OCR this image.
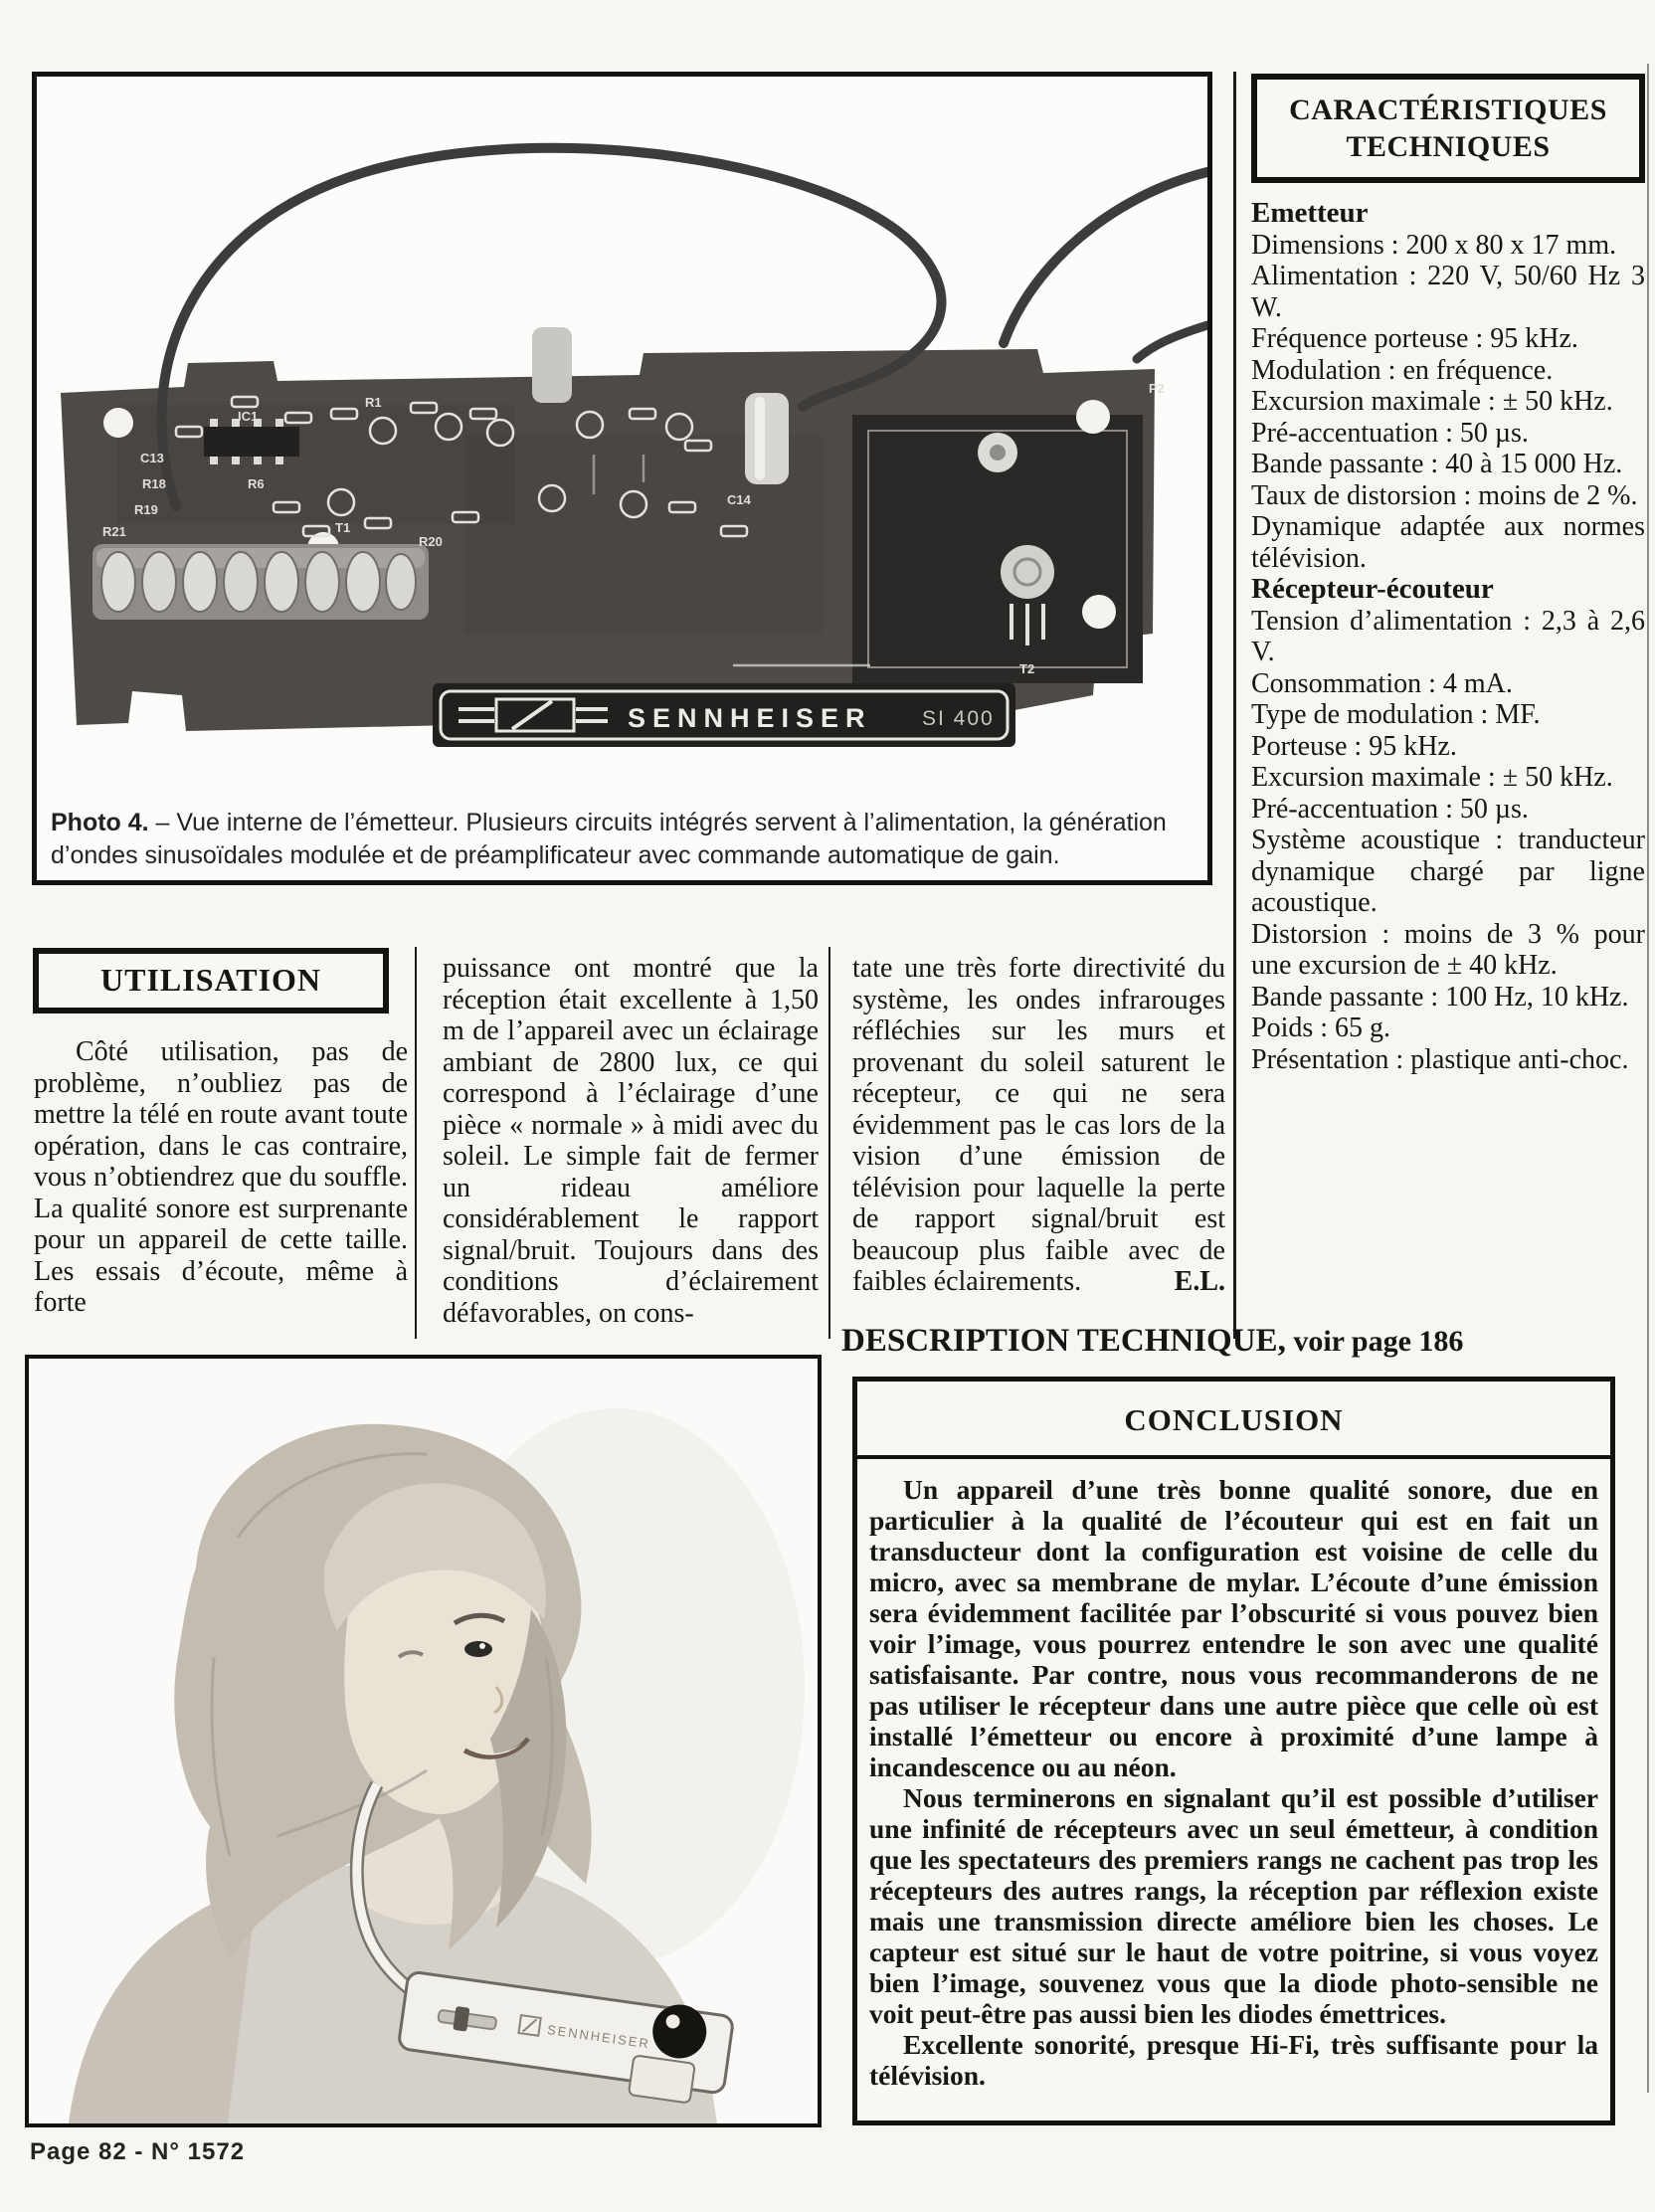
SENNHEISER SI 400
R1
R6
C13
R18
R19
R21
C14
R20
T1
IC1
T2
P2
Photo 4. – Vue interne de l’émetteur. Plusieurs circuits intégrés servent à l’alimentation, la génération d’ondes sinusoïdales modulée et de préamplificateur avec commande automatique de gain.
CARACTÉRISTIQUES
TECHNIQUES
Emetteur
Dimensions : 200 x 80 x 17 mm.
Alimentation : 220 V, 50/60 Hz 3 W.
Fréquence porteuse : 95 kHz.
Modulation : en fréquence.
Excursion maximale : ± 50 kHz.
Pré-accentuation : 50 µs.
Bande passante : 40 à 15 000 Hz.
Taux de distorsion : moins de 2 %.
Dynamique adaptée aux normes télévision.
Récepteur-écouteur
Tension d’alimentation : 2,3 à 2,6 V.
Consommation : 4 mA.
Type de modulation : MF.
Porteuse : 95 kHz.
Excursion maximale : ± 50 kHz.
Pré-accentuation : 50 µs.
Système acoustique : tranducteur dynamique chargé par ligne acoustique.
Distorsion : moins de 3 % pour une excursion de ± 40 kHz.
Bande passante : 100 Hz, 10 kHz.
Poids : 65 g.
Présentation : plastique anti-choc.
UTILISATION

Côté utilisation, pas de problème, n’oubliez pas de mettre la télé en route avant toute opération, dans le cas contraire, vous n’obtiendrez que du souffle. La qualité sonore est surprenante pour un appareil de cette taille. Les essais d’écoute, même à forte

puissance ont montré que la réception était excellente à 1,50 m de l’appareil avec un éclairage ambiant de 2800 lux, ce qui correspond à l’éclairage d’une pièce « normale » à midi avec du soleil. Le simple fait de fermer un rideau améliore considérablement le rapport signal/bruit. Toujours dans des conditions d’éclairement défavorables, on cons-

tate une très forte directivité du système, les ondes infrarouges réfléchies sur les murs et provenant du soleil saturent le récepteur, ce qui ne sera évidemment pas le cas lors de la vision d’une émission de télévision pour laquelle la perte de rapport signal/bruit est beaucoup plus faible avec de faibles éclairements.	E.L.

DESCRIPTION TECHNIQUE, voir page 186
SENNHEISER
CONCLUSION

Un appareil d’une très bonne qualité sonore, due en particulier à la qualité de l’écouteur qui est en fait un transducteur dont la configuration est voisine de celle du micro, avec sa membrane de mylar. L’écoute d’une émission sera évidemment facilitée par l’obscurité si vous pouvez bien voir l’image, vous pourrez entendre le son avec une qualité satisfaisante. Par contre, nous vous recommanderons de ne pas utiliser le récepteur dans une autre pièce que celle où est installé l’émetteur ou encore à proximité d’une lampe à incandescence ou au néon.

Nous terminerons en signalant qu’il est possible d’utiliser une infinité de récepteurs avec un seul émetteur, à condition que les spectateurs des premiers rangs ne cachent pas trop les récepteurs des autres rangs, la réception par réflexion existe mais une transmission directe améliore bien les choses. Le capteur est situé sur le haut de votre poitrine, si vous voyez bien l’image, souvenez vous que la diode photo-sensible ne voit peut-être pas aussi bien les diodes émettrices.

Excellente sonorité, presque Hi-Fi, très suffisante pour la télévision.

Page 82 - N° 1572
